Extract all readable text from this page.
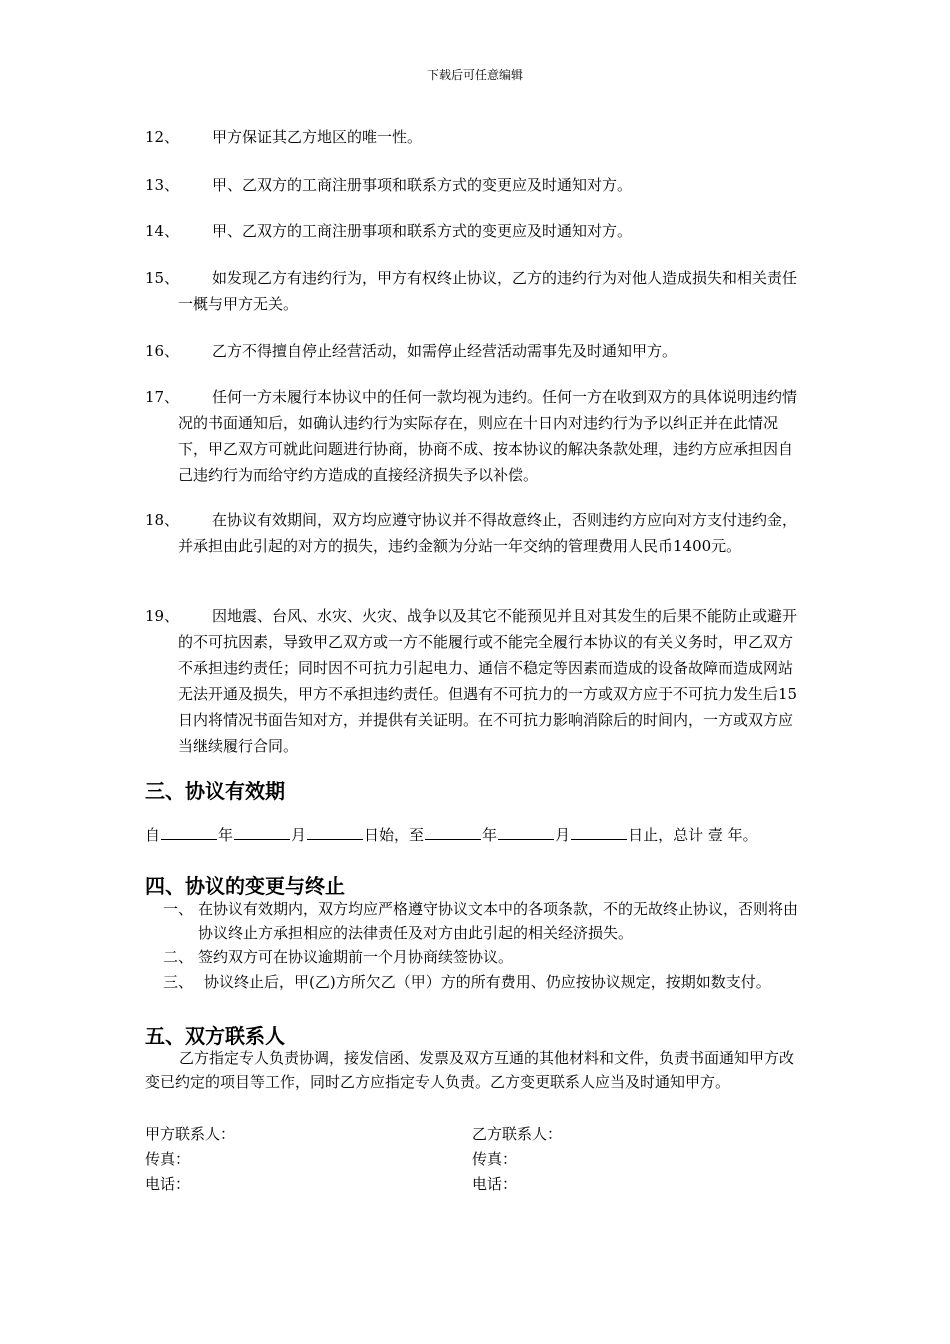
下载后可任意编辑
12、	甲方保证其乙方地区的唯一性。
13、	甲、乙双方的工商注册事项和联系方式的变更应及时通知对方。
14、	甲、乙双方的工商注册事项和联系方式的变更应及时通知对方。
15、	如发现乙方有违约行为，甲方有权终止协议，乙方的违约行为对他人造成损失和相关责任一概与甲方无关。
16、	乙方不得擅自停止经营活动，如需停止经营活动需事先及时通知甲方。
17、	任何一方未履行本协议中的任何一款均视为违约。任何一方在收到双方的具体说明违约情况的书面通知后，如确认违约行为实际存在，则应在十日内对违约行为予以纠正并在此情况下，甲乙双方可就此问题进行协商，协商不成、按本协议的解决条款处理，违约方应承担因自己违约行为而给守约方造成的直接经济损失予以补偿。
18、	在协议有效期间，双方均应遵守协议并不得故意终止，否则违约方应向对方支付违约金，并承担由此引起的对方的损失，违约金额为分站一年交纳的管理费用人民币1400元。
19、	因地震、台风、水灾、火灾、战争以及其它不能预见并且对其发生的后果不能防止或避开的不可抗因素，导致甲乙双方或一方不能履行或不能完全履行本协议的有关义务时，甲乙双方不承担违约责任；同时因不可抗力引起电力、通信不稳定等因素而造成的设备故障而造成网站无法开通及损失，甲方不承担违约责任。但遇有不可抗力的一方或双方应于不可抗力发生后15日内将情况书面告知对方，并提供有关证明。在不可抗力影响消除后的时间内，一方或双方应当继续履行合同。
三、协议有效期
自	年	月	日始，至	年	月	日止，总计 壹 年。
四、协议的变更与终止
一、 在协议有效期内，双方均应严格遵守协议文本中的各项条款，不的无故终止协议，否则将由协议终止方承担相应的法律责任及对方由此引起的相关经济损失。
二、 签约双方可在协议逾期前一个月协商续签协议。
三、 协议终止后，甲(乙)方所欠乙（甲）方的所有费用、仍应按协议规定，按期如数支付。
五、双方联系人
乙方指定专人负责协调，接发信函、发票及双方互通的其他材料和文件，负责书面通知甲方改变已约定的项目等工作，同时乙方应指定专人负责。乙方变更联系人应当及时通知甲方。
甲方联系人：	乙方联系人：
传真：	传真：
电话：	电话：
